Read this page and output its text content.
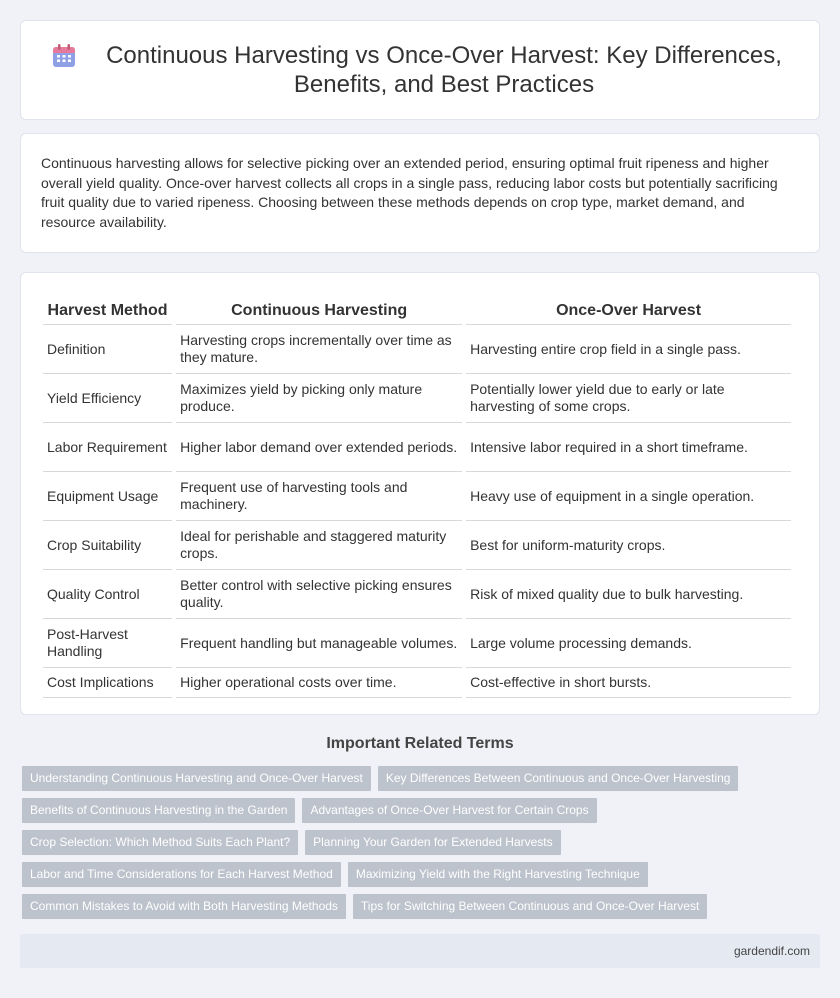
Continuous Harvesting vs Once-Over Harvest: Key Differences, Benefits, and Best Practices

Continuous harvesting allows for selective picking over an extended period, ensuring optimal fruit ripeness and higher overall yield quality. Once-over harvest collects all crops in a single pass, reducing labor costs but potentially sacrificing fruit quality due to varied ripeness. Choosing between these methods depends on crop type, market demand, and resource availability.

Harvest Method	Continuous Harvesting	Once-Over Harvest
Definition	Harvesting crops incrementally over time as they mature.	Harvesting entire crop field in a single pass.
Yield Efficiency	Maximizes yield by picking only mature produce.	Potentially lower yield due to early or late harvesting of some crops.
Labor Requirement	Higher labor demand over extended periods.	Intensive labor required in a short timeframe.
Equipment Usage	Frequent use of harvesting tools and machinery.	Heavy use of equipment in a single operation.
Crop Suitability	Ideal for perishable and staggered maturity crops.	Best for uniform-maturity crops.
Quality Control	Better control with selective picking ensures quality.	Risk of mixed quality due to bulk harvesting.
Post-Harvest Handling	Frequent handling but manageable volumes.	Large volume processing demands.
Cost Implications	Higher operational costs over time.	Cost-effective in short bursts.
Important Related Terms
Understanding Continuous Harvesting and Once-Over Harvest	Key Differences Between Continuous and Once-Over Harvesting
Benefits of Continuous Harvesting in the Garden	Advantages of Once-Over Harvest for Certain Crops
Crop Selection: Which Method Suits Each Plant?	Planning Your Garden for Extended Harvests
Labor and Time Considerations for Each Harvest Method	Maximizing Yield with the Right Harvesting Technique
Common Mistakes to Avoid with Both Harvesting Methods	Tips for Switching Between Continuous and Once-Over Harvest
gardendif.com
